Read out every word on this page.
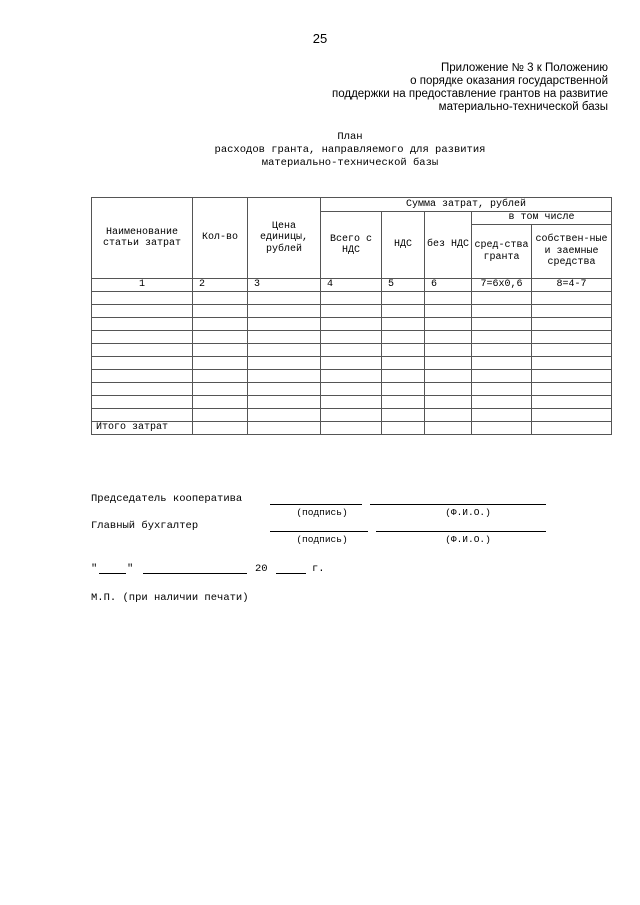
25
Приложение № 3 к Положению
о порядке оказания государственной
поддержки на предоставление грантов на развитие
материально-технической базы
План
расходов гранта, направляемого для развития
материально-технической базы
Наименование статьи затрат	Кол-во	Цена единицы, рублей	Сумма затрат, рублей				
			Всего с НДС	НДС	без НДС	в том числе	
						сред-ства гранта	собствен-ные и заемные средства
1	2	3	4	5	6	7=6х0,6	8=4-7

Итого затрат							
Председатель кооператива
(подпись)	(Ф.И.О.)
Главный бухгалтер
(подпись)	(Ф.И.О.)
"	"	20	г.
М.П. (при наличии печати)
